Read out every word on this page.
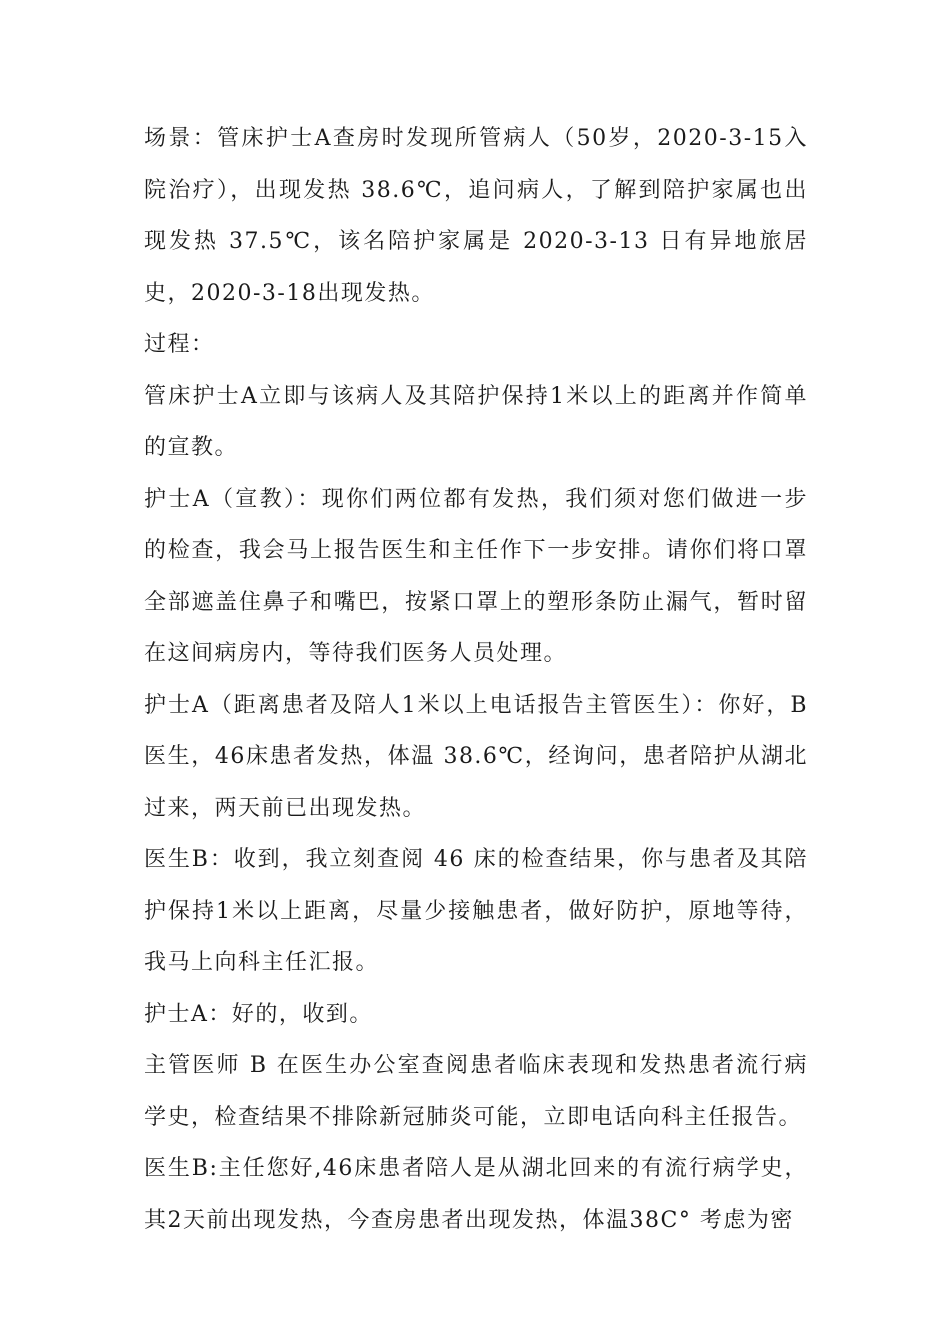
场景：管床护士A查房时发现所管病人（50岁，2020-3-15入院治疗），出现发热 38.6℃，追问病人，了解到陪护家属也出现发热 37.5℃，该名陪护家属是 2020-3-13 日有异地旅居史，2020-3-18出现发热。

过程：

管床护士A立即与该病人及其陪护保持1米以上的距离并作简单的宣教。

护士A（宣教）：现你们两位都有发热，我们须对您们做进一步的检查，我会马上报告医生和主任作下一步安排。请你们将口罩全部遮盖住鼻子和嘴巴，按紧口罩上的塑形条防止漏气，暂时留在这间病房内，等待我们医务人员处理。

护士A（距离患者及陪人1米以上电话报告主管医生）：你好，B医生，46床患者发热，体温 38.6℃，经询问，患者陪护从湖北过来，两天前已出现发热。

医生B：收到，我立刻查阅 46 床的检查结果，你与患者及其陪护保持1米以上距离，尽量少接触患者，做好防护，原地等待，我马上向科主任汇报。

护士A：好的，收到。

主管医师 B 在医生办公室查阅患者临床表现和发热患者流行病学史，检查结果不排除新冠肺炎可能，立即电话向科主任报告。

医生B:主任您好,46床患者陪人是从湖北回来的有流行病学史，其2天前出现发热，今查房患者出现发热，体温38C° 考虑为密
